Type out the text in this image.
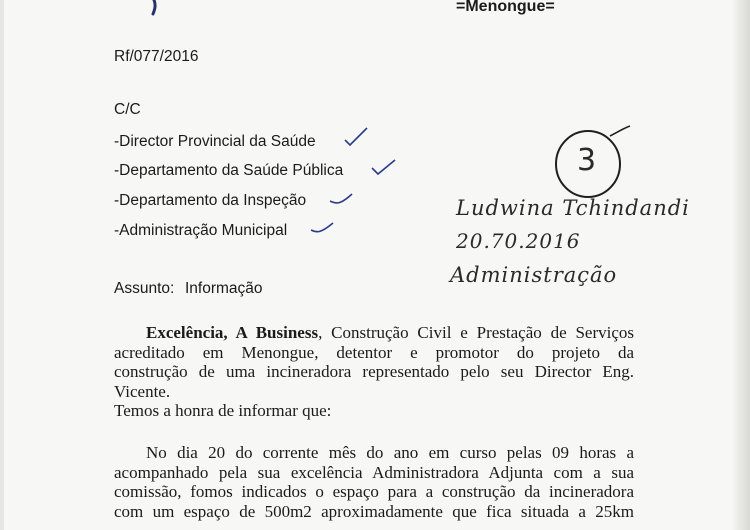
=Menongue=
Rf/077/2016
C/C
-Director Provincial da Saúde
-Departamento da Saúde Pública
-Departamento da Inspeção
-Administração Municipal
3
Ludwina Tchindandi
20.70.2016
Administração
Assunto: Informação
Excelência, A Business, Construção Civil e Prestação de Serviços
acreditado em Menongue, detentor e promotor do projeto da
construção de uma incineradora representado pelo seu Director Eng.
Vicente.
Temos a honra de informar que:
No dia 20 do corrente mês do ano em curso pelas 09 horas a
acompanhado pela sua excelência Administradora Adjunta com a sua
comissão, fomos indicados o espaço para a construção da incineradora
com um espaço de 500m2 aproximadamente que fica situada a 25km
